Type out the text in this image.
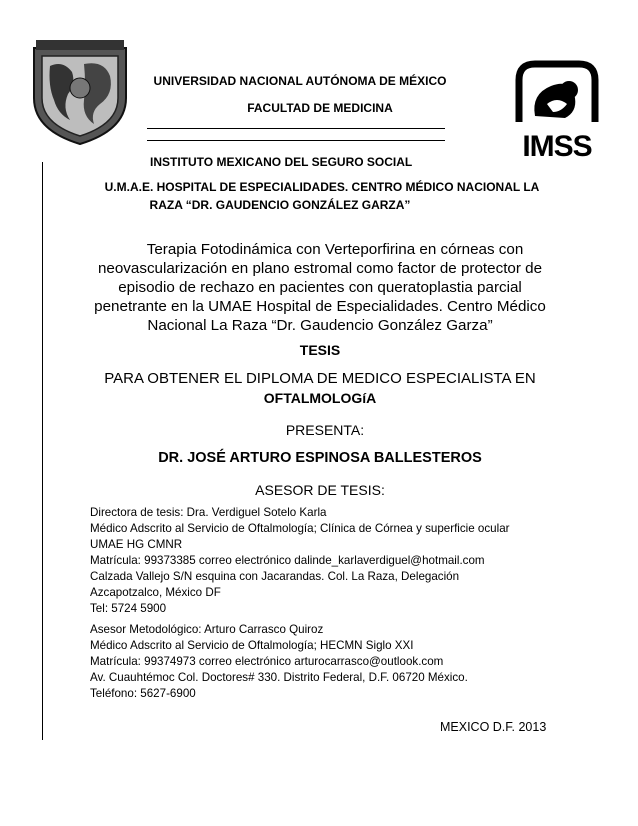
IMSS
UNIVERSIDAD NACIONAL AUTÓNOMA DE MÉXICO
FACULTAD DE MEDICINA
INSTITUTO MEXICANO DEL SEGURO SOCIAL
U.M.A.E. HOSPITAL DE ESPECIALIDADES. CENTRO MÉDICO NACIONAL LA
RAZA “DR. GAUDENCIO GONZÁLEZ GARZA”
Terapia Fotodinámica con Verteporfirina en córneas con
neovascularización en plano estromal como factor de protector de
episodio de rechazo en pacientes con queratoplastia parcial
penetrante en la UMAE Hospital de Especialidades. Centro Médico
Nacional La Raza “Dr. Gaudencio González Garza”
TESIS
PARA OBTENER EL DIPLOMA DE MEDICO ESPECIALISTA EN
OFTALMOLOGíA
PRESENTA:
DR. JOSÉ ARTURO ESPINOSA BALLESTEROS
ASESOR DE TESIS:
Directora de tesis: Dra. Verdiguel Sotelo Karla
Médico Adscrito al Servicio de Oftalmología; Clínica de Córnea y superficie ocular
UMAE HG CMNR
Matrícula: 99373385 correo electrónico dalinde_karlaverdiguel@hotmail.com
Calzada Vallejo S/N esquina con Jacarandas. Col. La Raza, Delegación
Azcapotzalco, México DF
Tel: 5724 5900
Asesor Metodológico: Arturo Carrasco Quiroz
Médico Adscrito al Servicio de Oftalmología; HECMN Siglo XXI
Matrícula: 99374973 correo electrónico arturocarrasco@outlook.com
Av. Cuauhtémoc Col. Doctores# 330. Distrito Federal, D.F. 06720 México.
Teléfono: 5627-6900
MEXICO D.F. 2013
